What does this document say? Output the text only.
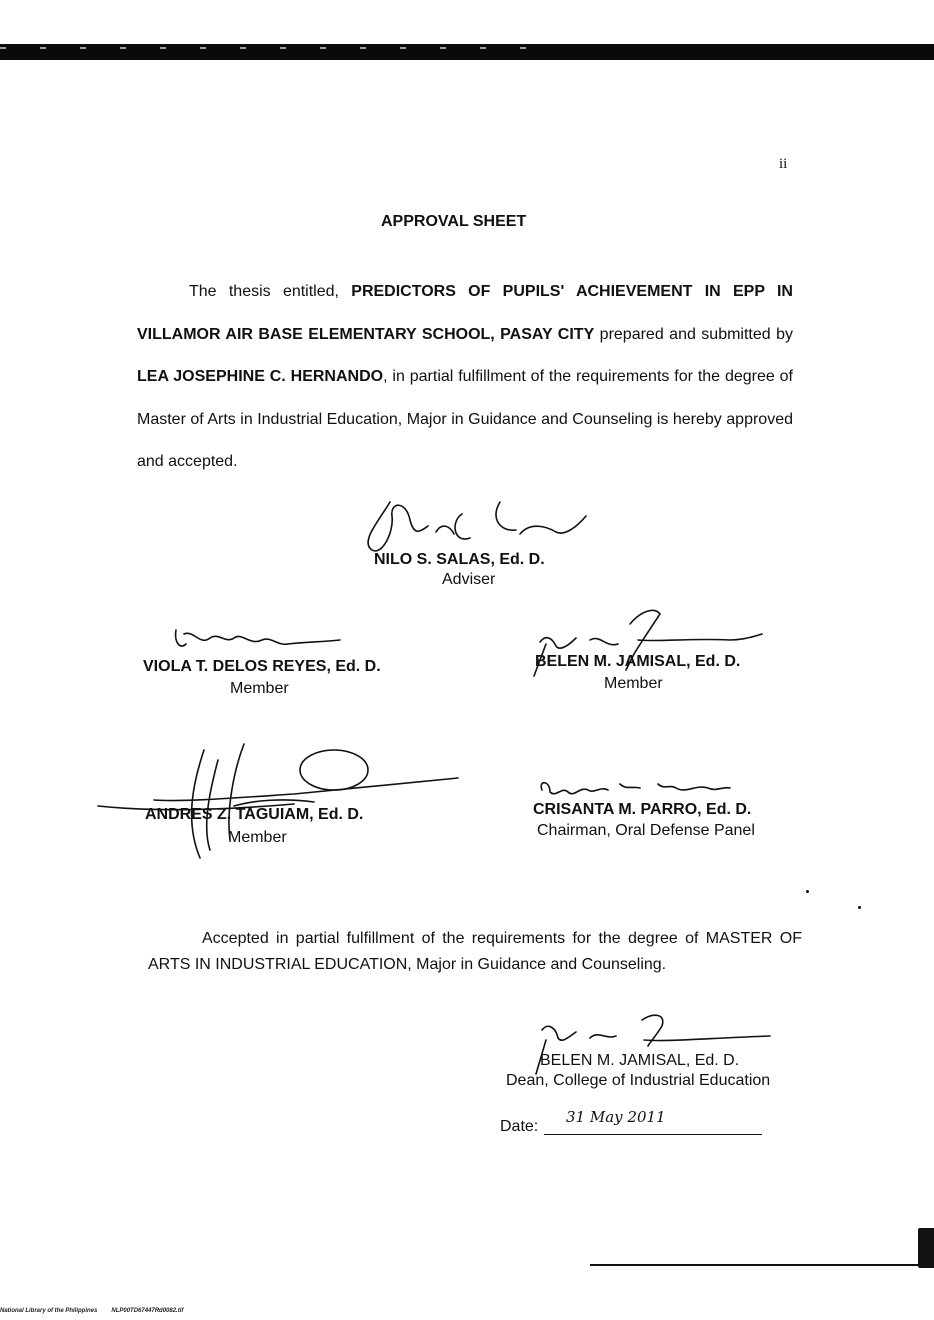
ii
APPROVAL SHEET

The thesis entitled, PREDICTORS OF PUPILS' ACHIEVEMENT IN EPP IN VILLAMOR AIR BASE ELEMENTARY SCHOOL, PASAY CITY prepared and submitted by LEA JOSEPHINE C. HERNANDO, in partial fulfillment of the requirements for the degree of Master of Arts in Industrial Education, Major in Guidance and Counseling is hereby approved and accepted.

NILO S. SALAS, Ed. D.
Adviser
VIOLA T. DELOS REYES, Ed. D.
Member
BELEN M. JAMISAL, Ed. D.
Member
ANDRES Z. TAGUIAM, Ed. D.
Member
CRISANTA M. PARRO, Ed. D.
Chairman, Oral Defense Panel
Accepted in partial fulfillment of the requirements for the degree of MASTER OF ARTS IN INDUSTRIAL EDUCATION, Major in Guidance and Counseling.
BELEN M. JAMISAL, Ed. D.
Dean, College of Industrial Education
Date:
31 May 2011
National Library of the Philippines NLP00TD67447Rd0082.tif
